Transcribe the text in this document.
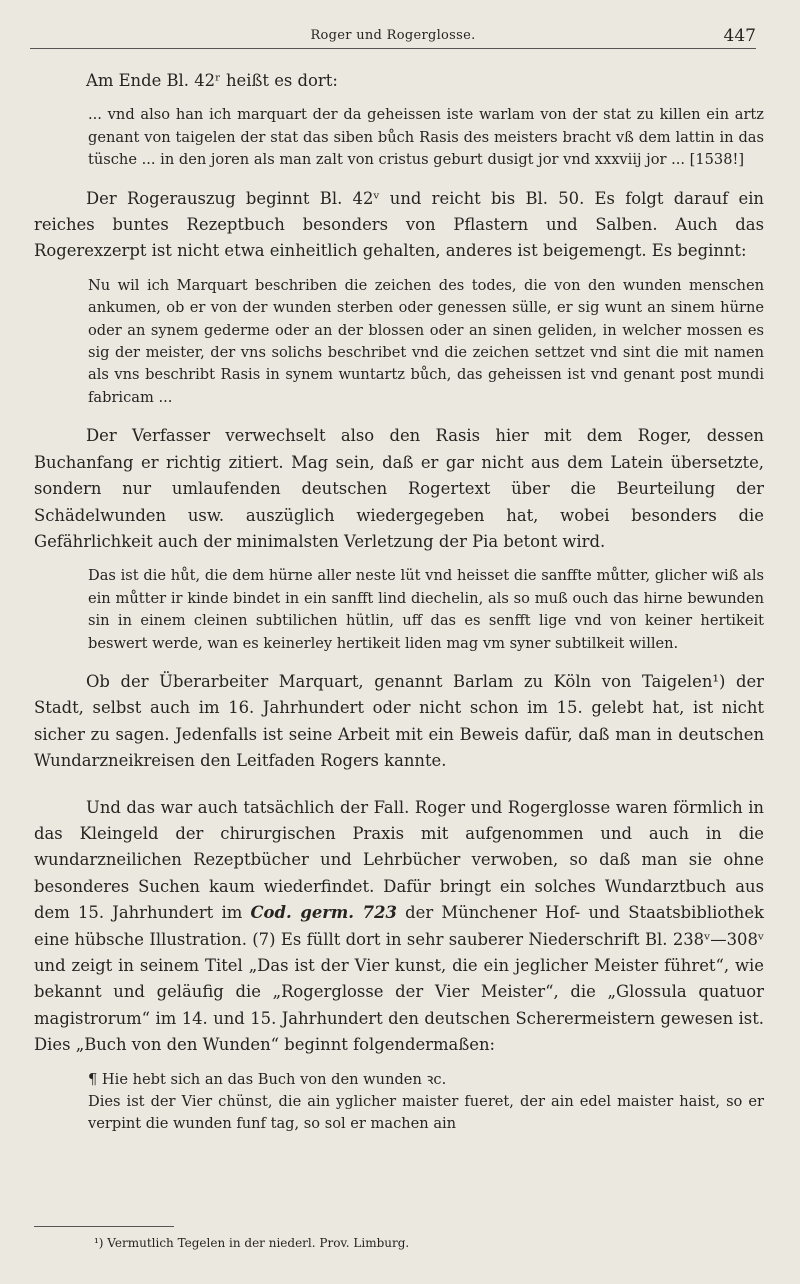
Roger und Rogerglosse.	447

Am Ende Bl. 42ʳ heißt es dort:

... vnd also han ich marquart der da geheissen iste warlam von der stat zu killen ein artz genant von taigelen der stat das siben bůch Rasis des meisters bracht vß dem lattin in das tüsche ... in den joren als man zalt von cristus geburt dusigt jor vnd xxxviij jor ... [1538!]

Der Rogerauszug beginnt Bl. 42ᵛ und reicht bis Bl. 50. Es folgt darauf ein reiches buntes Rezeptbuch besonders von Pflastern und Salben. Auch das Rogerexzerpt ist nicht etwa einheitlich gehalten, anderes ist beigemengt. Es beginnt:

Nu wil ich Marquart beschriben die zeichen des todes, die von den wunden menschen ankumen, ob er von der wunden sterben oder genessen sülle, er sig wunt an sinem hürne oder an synem gederme oder an der blossen oder an sinen geliden, in welcher mossen es sig der meister, der vns solichs beschribet vnd die zeichen settzet vnd sint die mit namen als vns beschribt Rasis in synem wuntartz bůch, das geheissen ist vnd genant post mundi fabricam ...

Der Verfasser verwechselt also den Rasis hier mit dem Roger, dessen Buchanfang er richtig zitiert. Mag sein, daß er gar nicht aus dem Latein übersetzte, sondern nur umlaufenden deutschen Rogertext über die Beurteilung der Schädelwunden usw. auszüglich wiedergegeben hat, wobei besonders die Gefährlichkeit auch der minimalsten Verletzung der Pia betont wird.

Das ist die hůt, die dem hürne aller neste lüt vnd heisset die sanffte můtter, glicher wiß als ein můtter ir kinde bindet in ein sanfft lind diechelin, als so muß ouch das hirne bewunden sin in einem cleinen subtilichen hütlin, uff das es senfft lige vnd von keiner hertikeit beswert werde, wan es keinerley hertikeit liden mag vm syner subtilkeit willen.

Ob der Überarbeiter Marquart, genannt Barlam zu Köln von Taigelen¹) der Stadt, selbst auch im 16. Jahrhundert oder nicht schon im 15. gelebt hat, ist nicht sicher zu sagen. Jedenfalls ist seine Arbeit mit ein Beweis dafür, daß man in deutschen Wundarzneikreisen den Leitfaden Rogers kannte.

Und das war auch tatsächlich der Fall. Roger und Rogerglosse waren förmlich in das Kleingeld der chirurgischen Praxis mit aufgenommen und auch in die wundarzneilichen Rezeptbücher und Lehrbücher verwoben, so daß man sie ohne besonderes Suchen kaum wiederfindet. Dafür bringt ein solches Wundarztbuch aus dem 15. Jahrhundert im Cod. germ. 723 der Münchener Hof- und Staatsbibliothek eine hübsche Illustration. (7) Es füllt dort in sehr sauberer Niederschrift Bl. 238ᵛ—308ᵛ und zeigt in seinem Titel „Das ist der Vier kunst, die ein jeglicher Meister führet“, wie bekannt und geläufig die „Rogerglosse der Vier Meister“, die „Glossula quatuor magistrorum“ im 14. und 15. Jahrhundert den deutschen Scherermeistern gewesen ist. Dies „Buch von den Wunden“ beginnt folgendermaßen:

¶ Hie hebt sich an das Buch von den wunden ꝛc.

Dies ist der Vier chünst, die ain yglicher maister fueret, der ain edel maister haist, so er verpint die wunden funf tag, so sol er machen ain

¹) Vermutlich Tegelen in der niederl. Prov. Limburg.
